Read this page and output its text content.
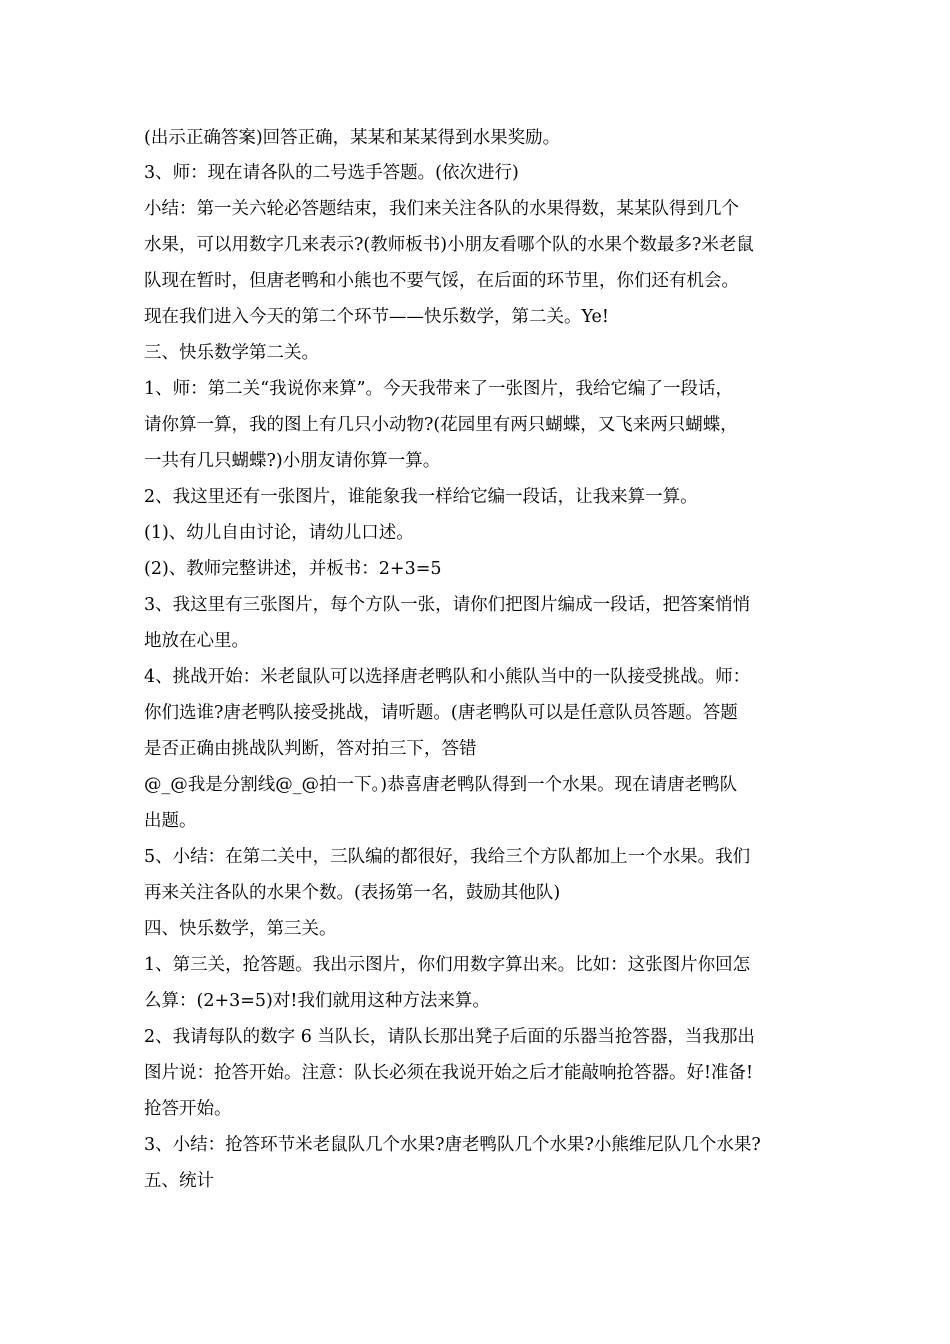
(出示正确答案)回答正确，某某和某某得到水果奖励。
3、师：现在请各队的二号选手答题。(依次进行)
小结：第一关六轮必答题结束，我们来关注各队的水果得数，某某队得到几个
水果，可以用数字几来表示?(教师板书)小朋友看哪个队的水果个数最多?米老鼠
队现在暂时，但唐老鸭和小熊也不要气馁，在后面的环节里，你们还有机会。
现在我们进入今天的第二个环节——快乐数学，第二关。Ye!
三、快乐数学第二关。
1、师：第二关“我说你来算”。今天我带来了一张图片，我给它编了一段话，
请你算一算，我的图上有几只小动物?(花园里有两只蝴蝶，又飞来两只蝴蝶，
一共有几只蝴蝶?)小朋友请你算一算。
2、我这里还有一张图片，谁能象我一样给它编一段话，让我来算一算。
(1)、幼儿自由讨论，请幼儿口述。
(2)、教师完整讲述，并板书：2+3=5
3、我这里有三张图片，每个方队一张，请你们把图片编成一段话，把答案悄悄
地放在心里。
4、挑战开始：米老鼠队可以选择唐老鸭队和小熊队当中的一队接受挑战。师：
你们选谁?唐老鸭队接受挑战，请听题。(唐老鸭队可以是任意队员答题。答题
是否正确由挑战队判断，答对拍三下，答错
@_@我是分割线@_@拍一下。)恭喜唐老鸭队得到一个水果。现在请唐老鸭队
出题。
5、小结：在第二关中，三队编的都很好，我给三个方队都加上一个水果。我们
再来关注各队的水果个数。(表扬第一名，鼓励其他队)
四、快乐数学，第三关。
1、第三关，抢答题。我出示图片，你们用数字算出来。比如：这张图片你回怎
么算：(2+3=5)对!我们就用这种方法来算。
2、我请每队的数字 6 当队长，请队长那出凳子后面的乐器当抢答器，当我那出
图片说：抢答开始。注意：队长必须在我说开始之后才能敲响抢答器。好!准备!
抢答开始。
3、小结：抢答环节米老鼠队几个水果?唐老鸭队几个水果?小熊维尼队几个水果?
五、统计
